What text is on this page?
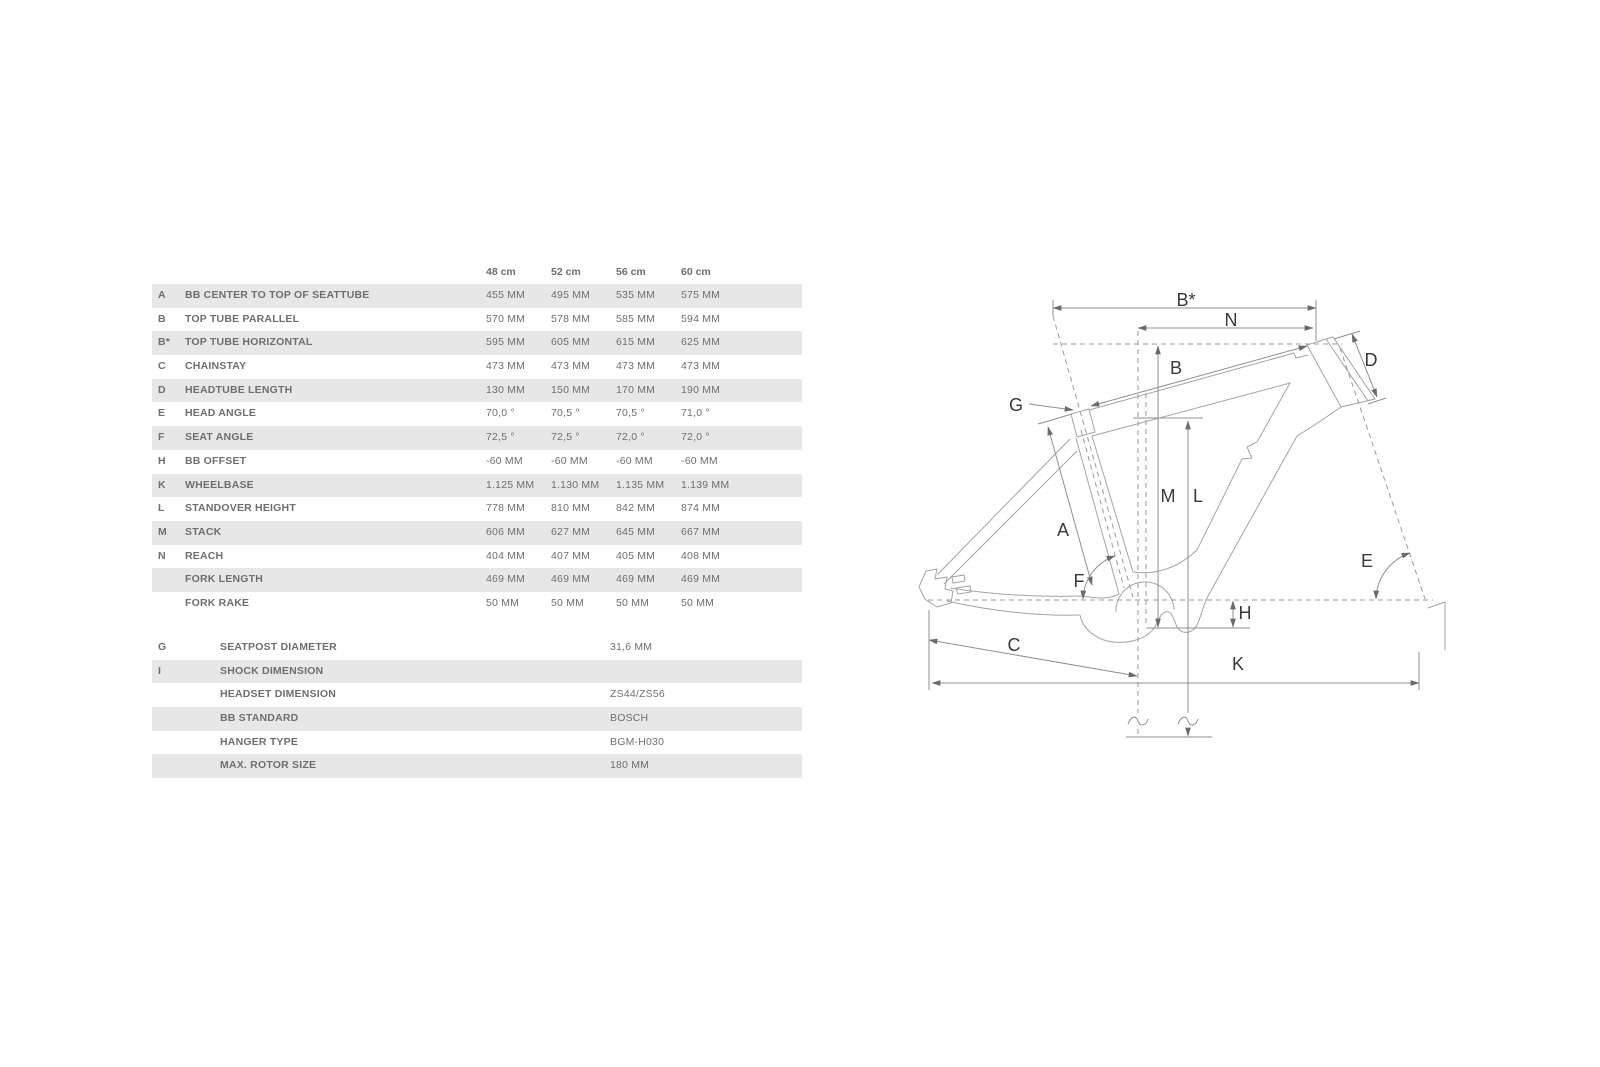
48 cm	52 cm	56 cm	60 cm
A BB CENTER TO TOP OF SEATTUBE	455 MM 495 MM 535 MM 575 MM
B TOP TUBE PARALLEL	570 MM 578 MM 585 MM 594 MM
B* TOP TUBE HORIZONTAL	595 MM 605 MM 615 MM 625 MM
C CHAINSTAY	473 MM 473 MM 473 MM 473 MM
D HEADTUBE LENGTH	130 MM 150 MM 170 MM 190 MM
E HEAD ANGLE	70,0 °	70,5 °	70,5 °	71,0 °
F SEAT ANGLE	72,5 °	72,5 °	72,0 °	72,0 °
H BB OFFSET	-60 MM	-60 MM	-60 MM	-60 MM
K WHEELBASE	1.125 MM 1.130 MM 1.135 MM 1.139 MM
L STANDOVER HEIGHT	778 MM 810 MM 842 MM 874 MM
M STACK	606 MM 627 MM 645 MM 667 MM
N REACH	404 MM 407 MM 405 MM 408 MM
FORK LENGTH	469 MM 469 MM 469 MM 469 MM
FORK RAKE	50 MM	50 MM	50 MM	50 MM
G	SEATPOST DIAMETER	31,6 MM
I	SHOCK DIMENSION
HEADSET DIMENSION	ZS44/ZS56
BB STANDARD	BOSCH
HANGER TYPE	BGM-H030
MAX. ROTOR SIZE	180 MM
B*
N
B	D
G
A
M L
F
E
H
C
K
